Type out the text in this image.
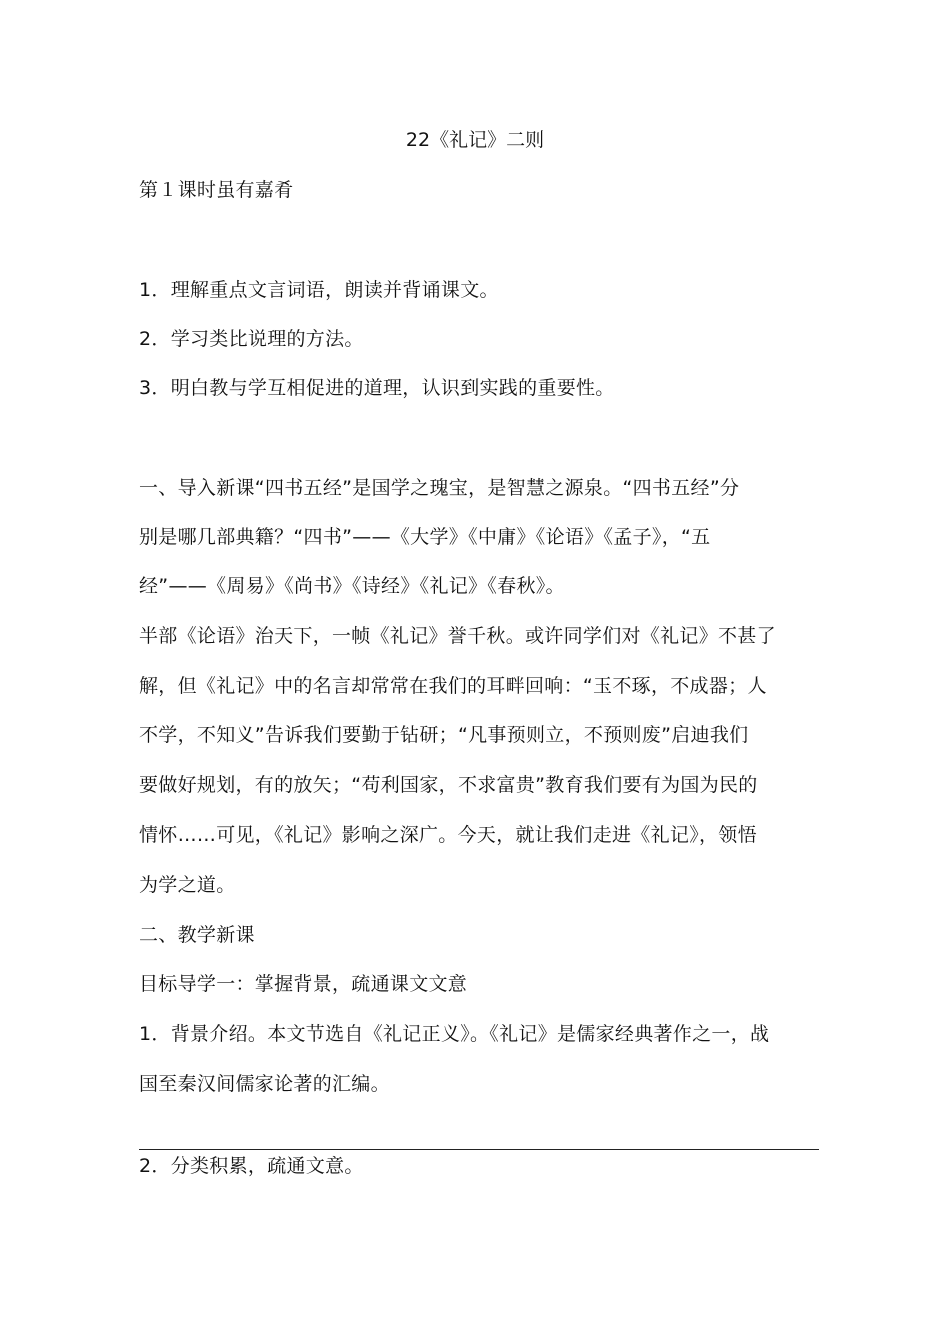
22《礼记》二则
第１课时虽有嘉肴
1．理解重点文言词语，朗读并背诵课文。
2．学习类比说理的方法。
3．明白教与学互相促进的道理，认识到实践的重要性。
一、导入新课“四书五经”是国学之瑰宝，是智慧之源泉。“四书五经”分
别是哪几部典籍？“四书”——《大学》《中庸》《论语》《孟子》，“五
经”——《周易》《尚书》《诗经》《礼记》《春秋》。
半部《论语》治天下，一帧《礼记》誉千秋。或许同学们对《礼记》不甚了
解，但《礼记》中的名言却常常在我们的耳畔回响：“玉不琢，不成器；人
不学，不知义”告诉我们要勤于钻研；“凡事预则立，不预则废”启迪我们
要做好规划，有的放矢；“苟利国家，不求富贵”教育我们要有为国为民的
情怀……可见，《礼记》影响之深广。今天，就让我们走进《礼记》，领悟
为学之道。
二、教学新课
目标导学一：掌握背景，疏通课文文意
1．背景介绍。本文节选自《礼记正义》。《礼记》是儒家经典著作之一，战
国至秦汉间儒家论著的汇编。
2．分类积累，疏通文意。
